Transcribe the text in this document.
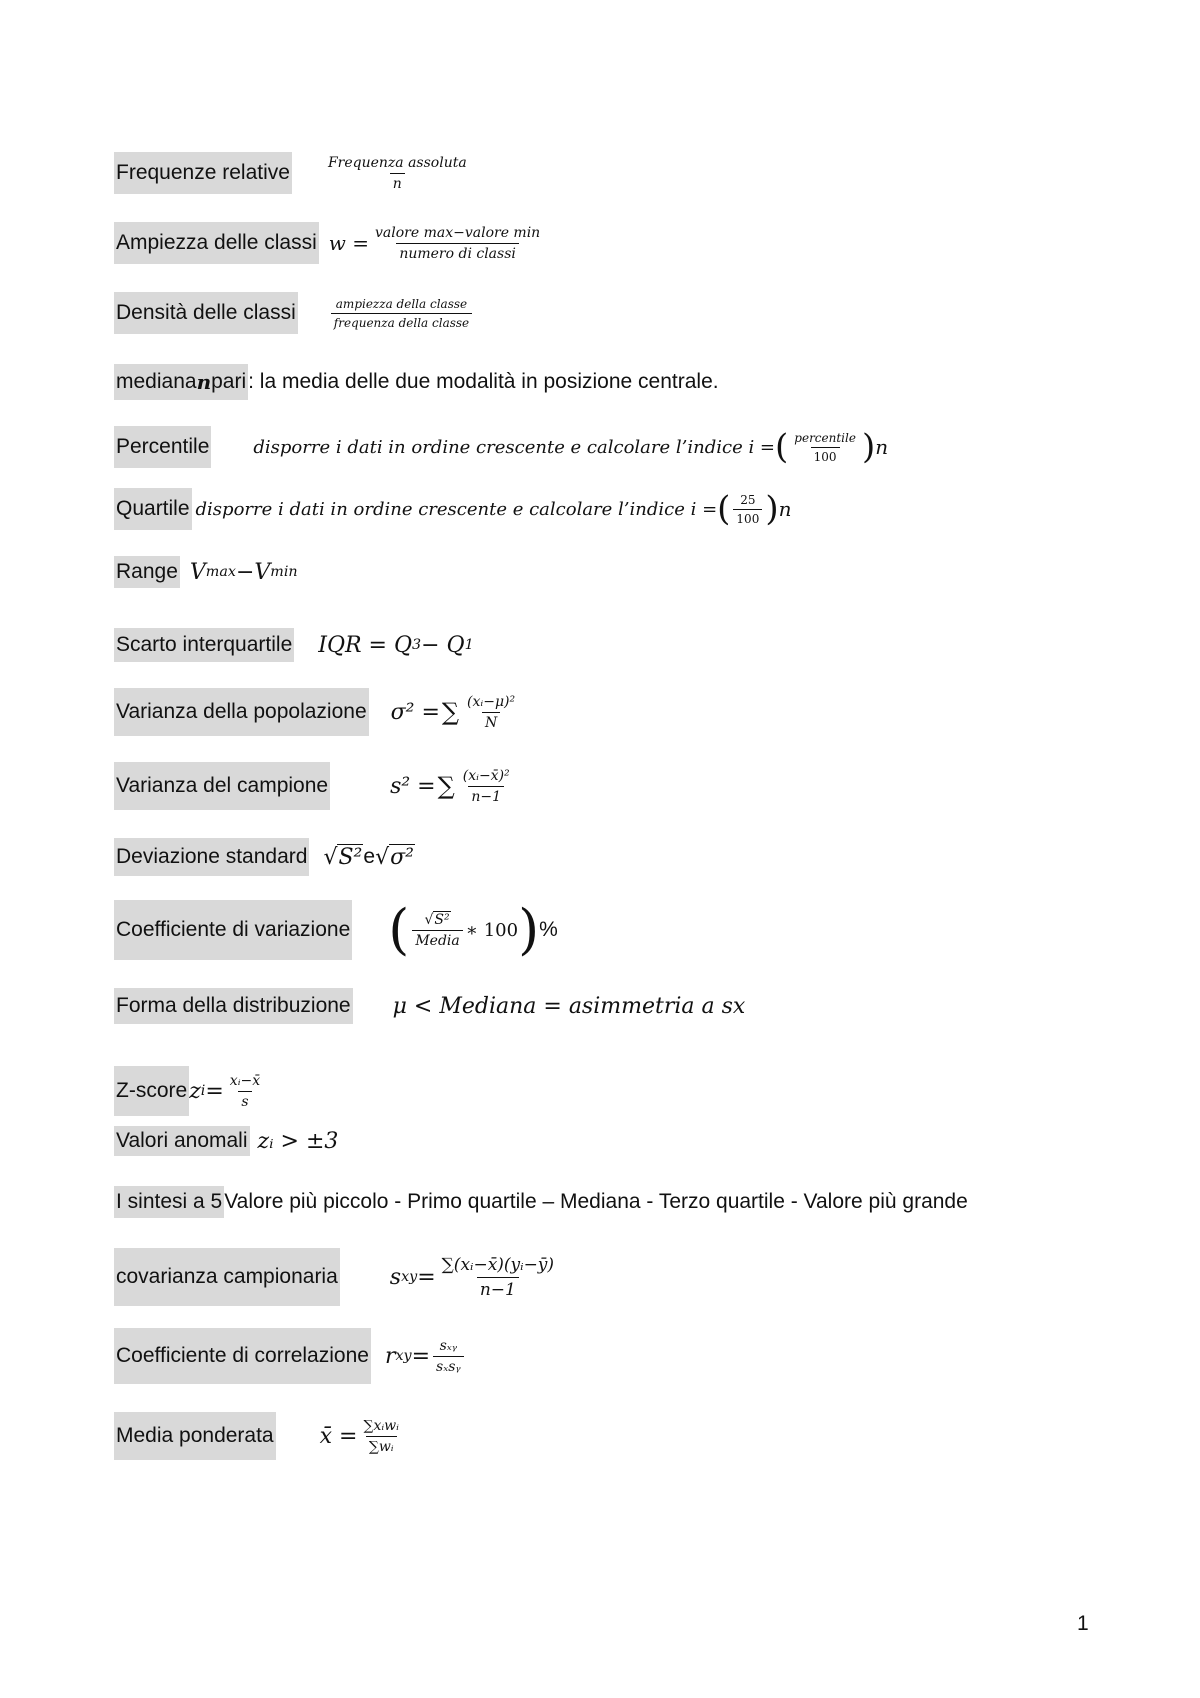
Frequenze relative	$\frac{\text{Frequenza assoluta}}{n}$
Ampiezza delle classi $w = \frac{\text{valore max−valore min}}{\text{numero di classi}}$
Densità delle classi	$\frac{\text{ampiezza della classe}}{\text{frequenza della classe}}$
mediana n pari : la media delle due modalità in posizione centrale.
Percentile disporre i dati in ordine crescente e calcolare l’indice i = ( $\frac{\text{percentile}}{100}$ ) n
Quartile disporre i dati in ordine crescente e calcolare l’indice i = ( $\frac{25}{100}$ ) n
Range V max − V min
Scarto interquartile IQR = Q 3 − Q 1
Varianza della popolazione σ² = ∑ $\frac{\text{(xᵢ−μ)²}}{N}$
Varianza del campione	s² = ∑ $\frac{\text{(xᵢ−x̄)²}}{n-1}$
Deviazione standard √ S² e √ σ²
Coefficiente di variazione ( $\frac{\text{√S²}}{\text{Media}}$ ∗ 100 ) %
Forma della distribuzione μ < Mediana = asimmetria a sx
Z-score z $i = \frac{\text{xᵢ−x̄}}{s}$
Valori anomali zᵢ > ±3
I sintesi a 5 Valore più piccolo - Primo quartile – Mediana - Terzo quartile - Valore più grande
covarianza campionaria s xy = $\frac{\text{∑(xᵢ−x̄)(yᵢ−ȳ)}}{n-1}$
Coefficiente di correlazione r xy = $\frac{\text{sₓᵧ}}{\text{sₓsᵧ}}$
Media ponderata x̄ = $\frac{\text{∑xᵢwᵢ}}{\text{∑wᵢ}}$
1
